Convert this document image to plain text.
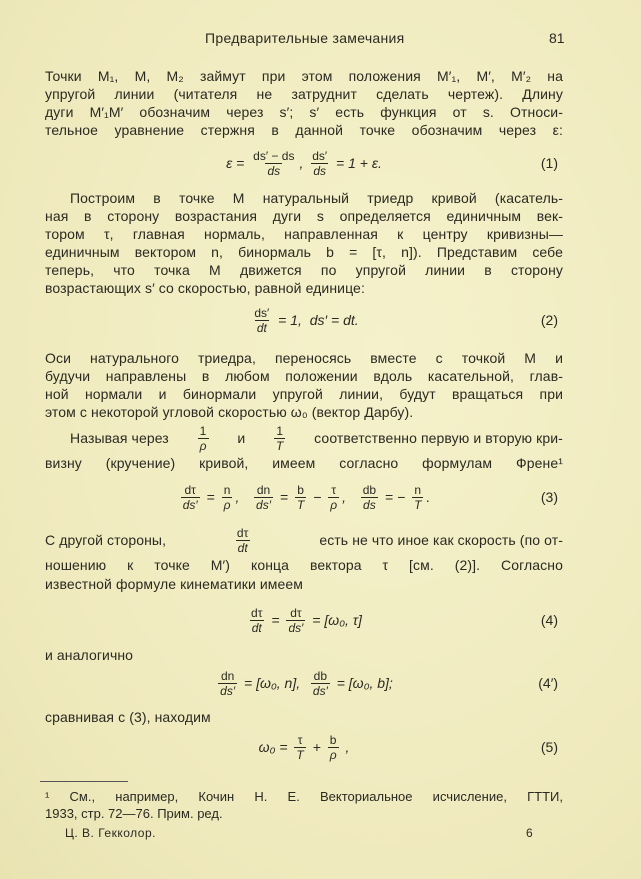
Предварительные замечания	81
Точки M₁, M, M₂ займут при этом положения M′₁, M′, M′₂ на
упругой линии (читателя не затруднит сделать чертеж). Длину
дуги M′₁M′ обозначим через s′; s′ есть функция от s. Относи-
тельное уравнение стержня в данной точке обозначим через ε:
$\varepsilon = \frac{ds' - ds}{ds}$ , $\frac{ds'}{ds} = 1 + \varepsilon$.	(1)
Построим в точке M натуральный триедр кривой (касатель-
ная в сторону возрастания дуги s определяется единичным век-
тором τ, главная нормаль, направленная к центру кривизны—
единичным вектором n, бинормаль b = [τ, n]). Представим себе
теперь, что точка M движется по упругой линии в сторону
возрастающих s′ со скоростью, равной единице:
$\frac{ds'}{dt} = 1$,  ds′ = dt.	(2)
Оси натурального триедра, переносясь вместе с точкой M и
будучи направлены в любом положении вдоль касательной, глав-
ной нормали и бинормали упругой линии, будут вращаться при
этом с некоторой угловой скоростью ω₀ (вектор Дарбу).
Называя через $\frac{1}{\rho}$ и $\frac{1}{T}$ соответственно первую и вторую кри-
визну (кручение) кривой, имеем согласно формулам Френе¹
$\frac{d\tau}{ds'} = \frac{n}{\rho}$ , $\frac{dn}{ds'} = \frac{b}{T} - \frac{\tau}{\rho}$ , $\frac{db}{ds}$ = − $\frac{n}{T}$ .	(3)
С другой стороны,	$\frac{d\tau}{dt}$	есть не что иное как скорость (по от-
ношению к точке M′) конца вектора τ [см. (2)]. Согласно
известной формуле кинематики имеем
$\frac{d\tau}{dt} = \frac{d\tau}{ds'} = [\omega_0$, τ]	(4)
и аналогично
$\frac{dn}{ds'} = [\omega_0$, n], $\frac{db}{ds'} = [\omega_0$, b];	(4′)
сравнивая с (3), находим
$\omega_0 = \frac{\tau}{T} + \frac{b}{\rho}$ ,	(5)
¹ См., например, Кочин Н. Е. Векториальное исчисление, ГТТИ,
1933, стр. 72—76. Прим. ред.
Ц. В. Гекколор.	6
